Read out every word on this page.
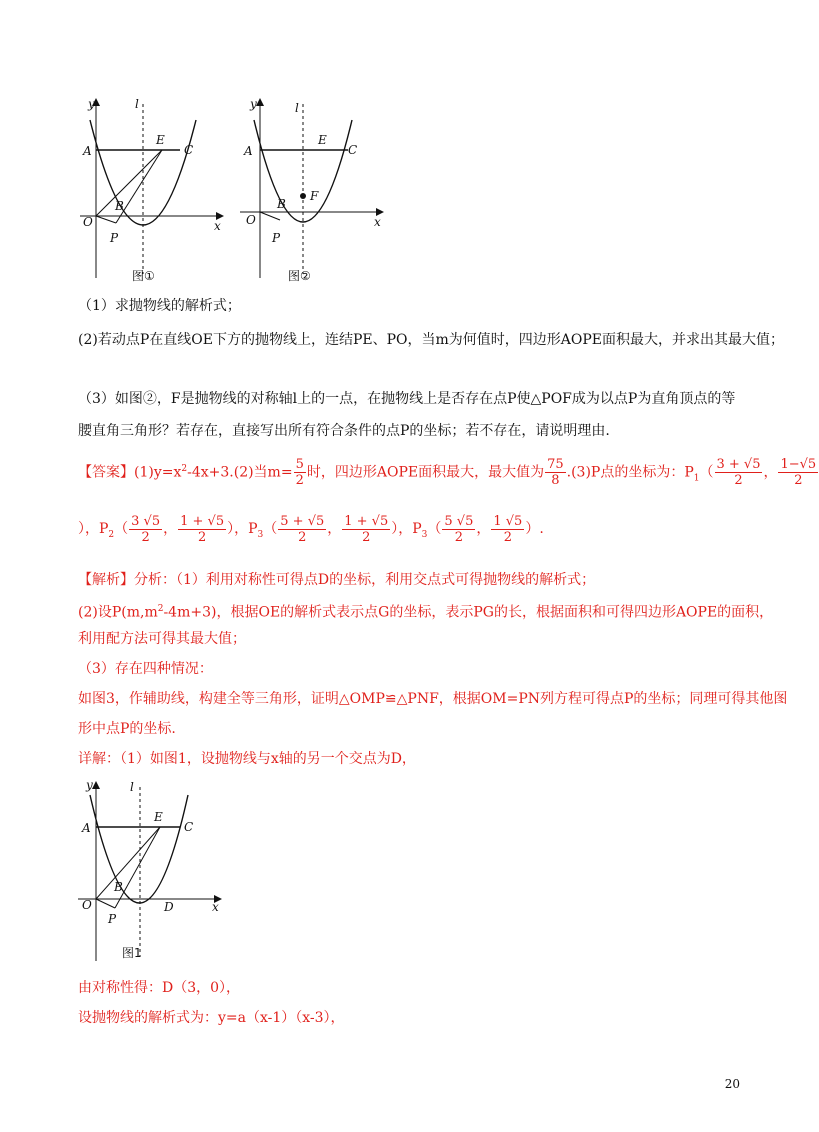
y	l
A
E
C
O
B
P
x
图①
y	l
A
E
C
F
O
B
P
x
图②
（1）求抛物线的解析式；
(2)若动点P在直线OE下方的抛物线上，连结PE、PO，当m为何值时，四边形AOPE面积最大，并求出其最大值；
（3）如图②，F是抛物线的对称轴l上的一点，在抛物线上是否存在点P使△POF成为以点P为直角顶点的等
腰直角三角形？若存在，直接写出所有符合条件的点P的坐标；若不存在，请说明理由.
【答案】$(1)y=x^2-4x+3.(2)$当$m= \frac{5}{2}$ 时，四边形AOPE面积最大，最大值为 $\frac{75}{8} .(3)P$点的坐标为：$P_1( \frac{3 + √5}{2}$ ， $\frac{1-√5}{2}$
），$P_2( \frac{3 √5}{2}$ ， $\frac{1 + √5}{2}$ ），$P_3( \frac{5 + √5}{2}$ ， $\frac{1 + √5}{2}$ ），$P_3( \frac{5 √5}{2}$ ， $\frac{1 √5}{2}$ ）.
【解析】分析：（1）利用对称性可得点D的坐标，利用交点式可得抛物线的解析式；
(2)设$P(m,m^2-4m+3)$，根据OE的解析式表示点G的坐标，表示PG的长，根据面积和可得四边形AOPE的面积，
利用配方法可得其最大值；
（3）存在四种情况：
如图3，作辅助线，构建全等三角形，证明△OMP≌△PNF，根据OM=PN列方程可得点P的坐标；同理可得其他图
形中点P的坐标.
详解：（1）如图1，设抛物线与x轴的另一个交点为D，
y	l
A
E
C
O
B
P
D	x
图1
由对称性得：D（3，0），
设抛物线的解析式为：y=a（x-1）（x-3），
20
